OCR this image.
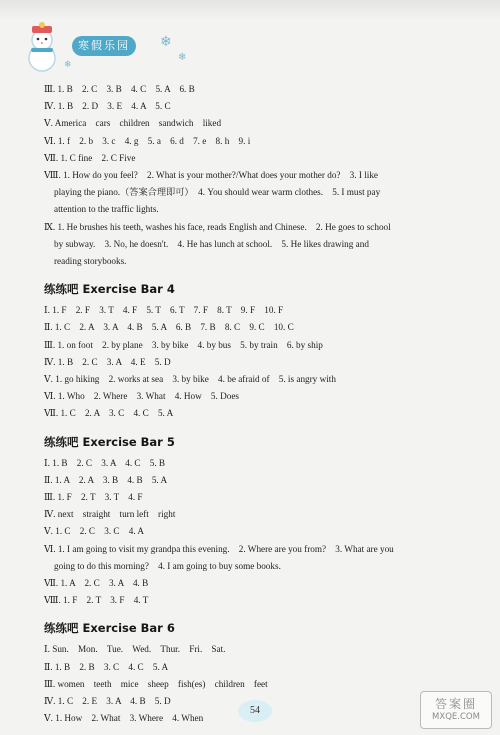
寒假乐园	❄
❄
❄
Ⅲ. 1. B　2. C　3. B　4. C　5. A　6. B
Ⅳ. 1. B　2. D　3. E　4. A　5. C
Ⅴ. America　cars　children　sandwich　liked
Ⅵ. 1. f　2. b　3. c　4. g　5. a　6. d　7. e　8. h　9. i
Ⅶ. 1. C fine　2. C Five
Ⅷ. 1. How do you feel?　2. What is your mother?/What does your mother do?　3. I like
playing the piano.（答案合理即可）　4. You should wear warm clothes.　5. I must pay
attention to the traffic lights.
Ⅸ. 1. He brushes his teeth, washes his face, reads English and Chinese.　2. He goes to school
by subway.　3. No, he doesn't.　4. He has lunch at school.　5. He likes drawing and
reading storybooks.
练练吧 Exercise Bar 4
Ⅰ. 1. F　2. F　3. T　4. F　5. T　6. T　7. F　8. T　9. F　10. F
Ⅱ. 1. C　2. A　3. A　4. B　5. A　6. B　7. B　8. C　9. C　10. C
Ⅲ. 1. on foot　2. by plane　3. by bike　4. by bus　5. by train　6. by ship
Ⅳ. 1. B　2. C　3. A　4. E　5. D
Ⅴ. 1. go hiking　2. works at sea　3. by bike　4. be afraid of　5. is angry with
Ⅵ. 1. Who　2. Where　3. What　4. How　5. Does
Ⅶ. 1. C　2. A　3. C　4. C　5. A
练练吧 Exercise Bar 5
Ⅰ. 1. B　2. C　3. A　4. C　5. B
Ⅱ. 1. A　2. A　3. B　4. B　5. A
Ⅲ. 1. F　2. T　3. T　4. F
Ⅳ. next　straight　turn left　right
Ⅴ. 1. C　2. C　3. C　4. A
Ⅵ. 1. I am going to visit my grandpa this evening.　2. Where are you from?　3. What are you
going to do this morning?　4. I am going to buy some books.
Ⅶ. 1. A　2. C　3. A　4. B
Ⅷ. 1. F　2. T　3. F　4. T
练练吧 Exercise Bar 6
Ⅰ. Sun.　Mon.　Tue.　Wed.　Thur.　Fri.　Sat.
Ⅱ. 1. B　2. B　3. C　4. C　5. A
Ⅲ. women　teeth　mice　sheep　fish(es)　children　feet
Ⅳ. 1. C　2. E　3. A　4. B　5. D
Ⅴ. 1. How　2. What　3. Where　4. When
54	答案圈
MXQE.COM
